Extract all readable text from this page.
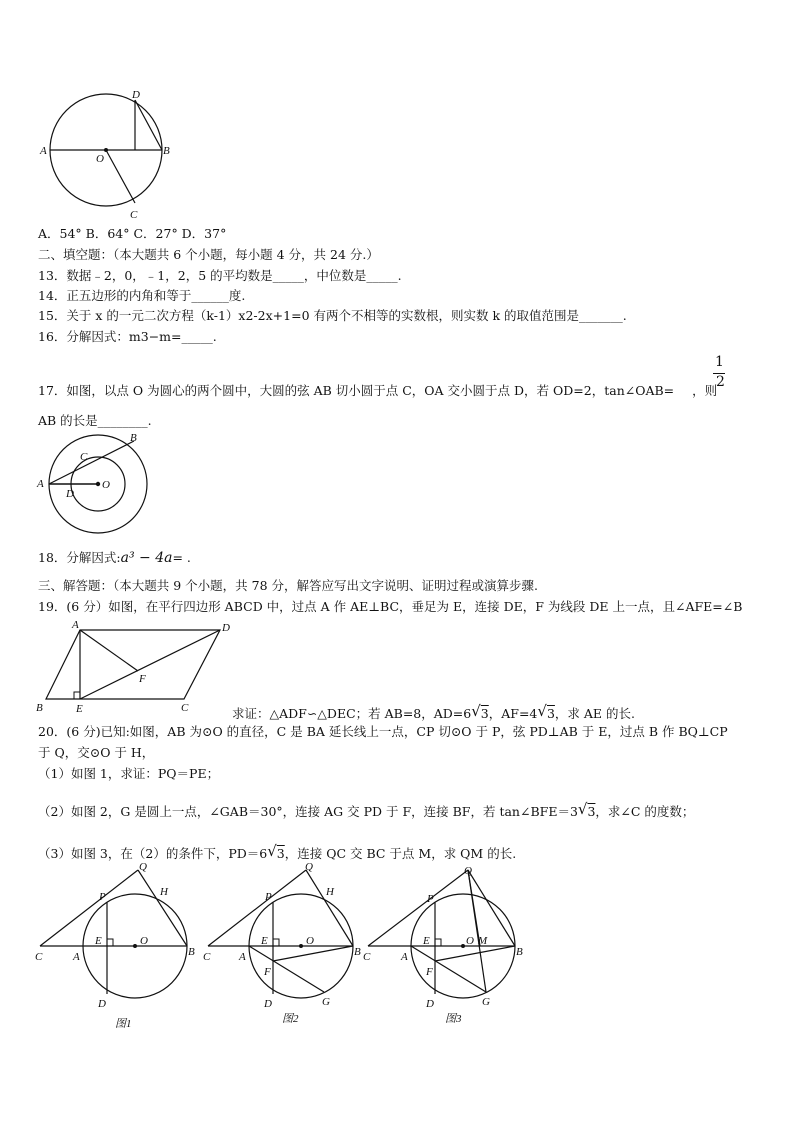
A
O
B
C
D
A．54° B．64° C．27° D．37°
二、填空题：（本大题共 6 个小题，每小题 4 分，共 24 分.）
13．数据﹣2，0，﹣1，2，5 的平均数是_____，中位数是_____.
14．正五边形的内角和等于______度.
15．关于 x 的一元二次方程（k-1）x2-2x+1=0 有两个不相等的实数根，则实数 k 的取值范围是_______.
16．分解因式：m3−m=_____.
17．如图，以点 O 为圆心的两个圆中，大圆的弦 AB 切小圆于点 C，OA 交小圆于点 D，若 OD=2，tan∠OAB= ，则
1
2
AB 的长是________.
A
B
C
D
O
18．分解因式:a³ − 4a= .
三、解答题：（本大题共 9 个小题，共 78 分，解答应写出文字说明、证明过程或演算步骤.
19．(6 分）如图，在平行四边形 ABCD 中，过点 A 作 AE⊥BC，垂足为 E，连接 DE，F 为线段 DE 上一点，且∠AFE=∠B
A	D
B	E	C
F
求证：△ADF∽△DEC；若 AB=8，AD=6√3，AF=4√3，求 AE 的长.
20．(6 分)已知:如图，AB 为⊙O 的直径，C 是 BA 延长线上一点，CP 切⊙O 于 P，弦 PD⊥AB 于 E，过点 B 作 BQ⊥CP
于 Q，交⊙O 于 H，
（1）如图 1，求证：PQ＝PE；
（2）如图 2，G 是圆上一点，∠GAB＝30°，连接 AG 交 PD 于 F，连接 BF，若 tan∠BFE＝3√3，求∠C 的度数；
（3）如图 3，在（2）的条件下，PD＝6√3，连接 QC 交 BC 于点 M，求 QM 的长.
C	A
E	O
B
P
Q
H
D
图1
C	A
E	O
B
P
Q
H
F
D	G
图2
C	A
E	O M
B
P
Q
F
D	G
图3
